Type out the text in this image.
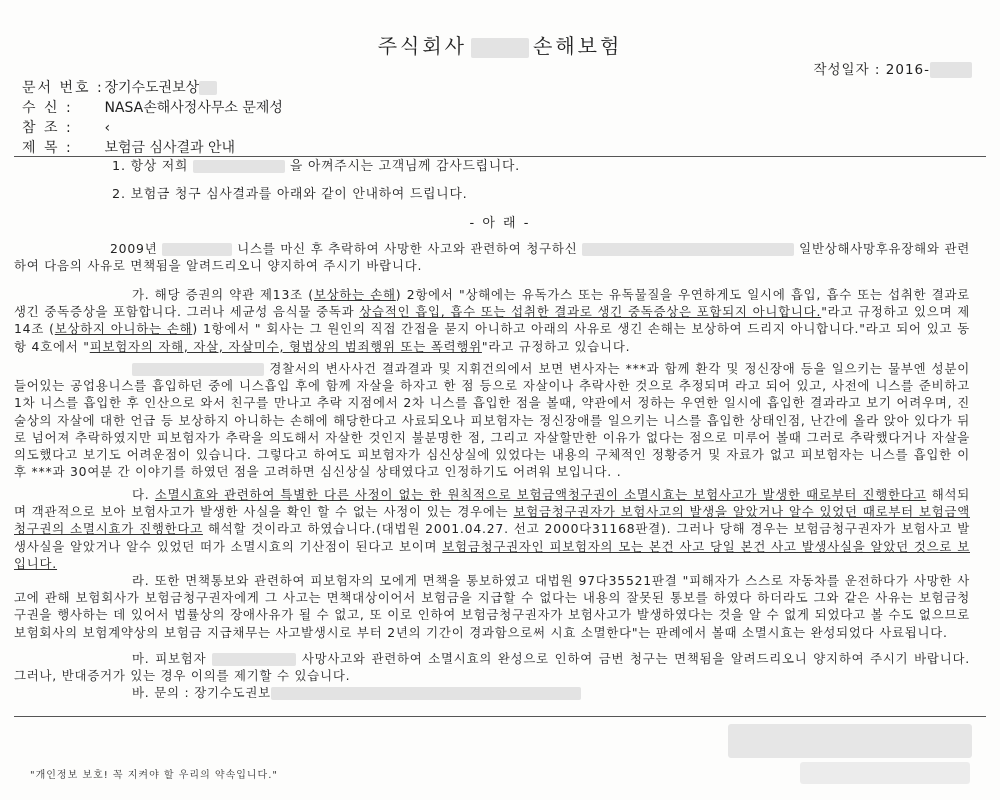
주식회사	손해보험
작성일자 : 2016-
문서 번호 : 장기수도권보상
수 신 : NASA손해사정사무소 문제성
참 조 : ‹
제 목 : 보험금 심사결과 안내
1. 항상 저희	을 아껴주시는 고객님께 감사드립니다.
2. 보험금 청구 심사결과를 아래와 같이 안내하여 드립니다.
- 아 래 -
2009년	니스를 마신 후 추락하여 사망한 사고와 관련하여 청구하신	일반상해사망후유장해와 관련하여 다음의 사유로 면책됨을 알려드리오니 양지하여 주시기 바랍니다.
가. 해당 증권의 약관 제13조 (보상하는 손해) 2항에서 "상해에는 유독가스 또는 유독물질을 우연하게도 일시에 흡입, 흡수 또는 섭취한 결과로 생긴 중독증상을 포함합니다. 그러나 세균성 음식물 중독과 상습적인 흡입, 흡수 또는 섭취한 결과로 생긴 중독증상은 포함되지 아니합니다."라고 규정하고 있으며 제14조 (보상하지 아니하는 손해) 1항에서 " 회사는 그 원인의 직접 간접을 묻지 아니하고 아래의 사유로 생긴 손해는 보상하여 드리지 아니합니다."라고 되어 있고 동항 4호에서 "피보험자의 자해, 자살, 자살미수, 형법상의 범죄행위 또는 폭력행위"라고 규정하고 있습니다.
경찰서의 변사사건 결과결과 및 지휘건의에서 보면 변사자는 ***과 함께 환각 및 정신장애 등을 일으키는 물부엔 성분이 들어있는 공업용니스를 흡입하던 중에 니스흡입 후에 함께 자살을 하자고 한 점 등으로 자살이나 추락사한 것으로 추정되며 라고 되어 있고, 사전에 니스를 준비하고 1차 니스를 흡입한 후 인산으로 와서 친구를 만나고 추락 지점에서 2차 니스를 흡입한 점을 볼때, 약관에서 정하는 우연한 일시에 흡입한 결과라고 보기 어려우며, 진술상의 자살에 대한 언급 등 보상하지 아니하는 손해에 해당한다고 사료되오나 피보험자는 정신장애를 일으키는 니스를 흡입한 상태인점, 난간에 올라 앉아 있다가 뒤로 넘어져 추락하였지만 피보험자가 추락을 의도해서 자살한 것인지 불분명한 점, 그리고 자살할만한 이유가 없다는 점으로 미루어 볼때 그러로 추락했다거나 자살을 의도했다고 보기도 어려운점이 있습니다. 그렇다고 하여도 피보험자가 심신상실에 있었다는 내용의 구체적인 정황증거 및 자료가 없고 피보험자는 니스를 흡입한 이후 ***과 30여분 간 이야기를 하였던 점을 고려하면 심신상실 상태였다고 인정하기도 어려워 보입니다. .
다. 소멸시효와 관련하여 특별한 다른 사정이 없는 한 원칙적으로 보험금액청구권이 소멸시효는 보험사고가 발생한 때로부터 진행한다고 해석되며 객관적으로 보아 보험사고가 발생한 사실을 확인 할 수 없는 사정이 있는 경우에는 보험금청구권자가 보험사고의 발생을 알았거나 알수 있었던 때로부터 보험금액청구권의 소멸시효가 진행한다고 해석할 것이라고 하였습니다.(대법원 2001.04.27. 선고 2000다31168판결). 그러나 당해 경우는 보험금청구권자가 보험사고 발생사실을 알았거나 알수 있었던 떠가 소멸시효의 기산점이 된다고 보이며 보험금청구권자인 피보험자의 모는 본건 사고 당일 본건 사고 발생사실을 알았던 것으로 보입니다.
라. 또한 면책통보와 관련하여 피보험자의 모에게 면책을 통보하였고 대법원 97다35521판결 "피해자가 스스로 자동차를 운전하다가 사망한 사고에 관해 보험회사가 보험금청구권자에게 그 사고는 면책대상이어서 보험금을 지급할 수 없다는 내용의 잘못된 통보를 하였다 하더라도 그와 같은 사유는 보험금청구권을 행사하는 데 있어서 법률상의 장애사유가 될 수 없고, 또 이로 인하여 보험금청구권자가 보험사고가 발생하였다는 것을 알 수 없게 되었다고 볼 수도 없으므로 보험회사의 보험계약상의 보험금 지급채무는 사고발생시로 부터 2년의 기간이 경과함으로써 시효 소멸한다"는 판례에서 볼때 소멸시효는 완성되었다 사료됩니다.
마. 피보험자	사망사고와 관련하여 소멸시효의 완성으로 인하여 금번 청구는 면책됨을 알려드리오니 양지하여 주시기 바랍니다. 그러나, 반대증거가 있는 경우 이의를 제기할 수 있습니다.
바. 문의 : 장기수도권보
"개인정보 보호! 꼭 지켜야 할 우리의 약속입니다."
